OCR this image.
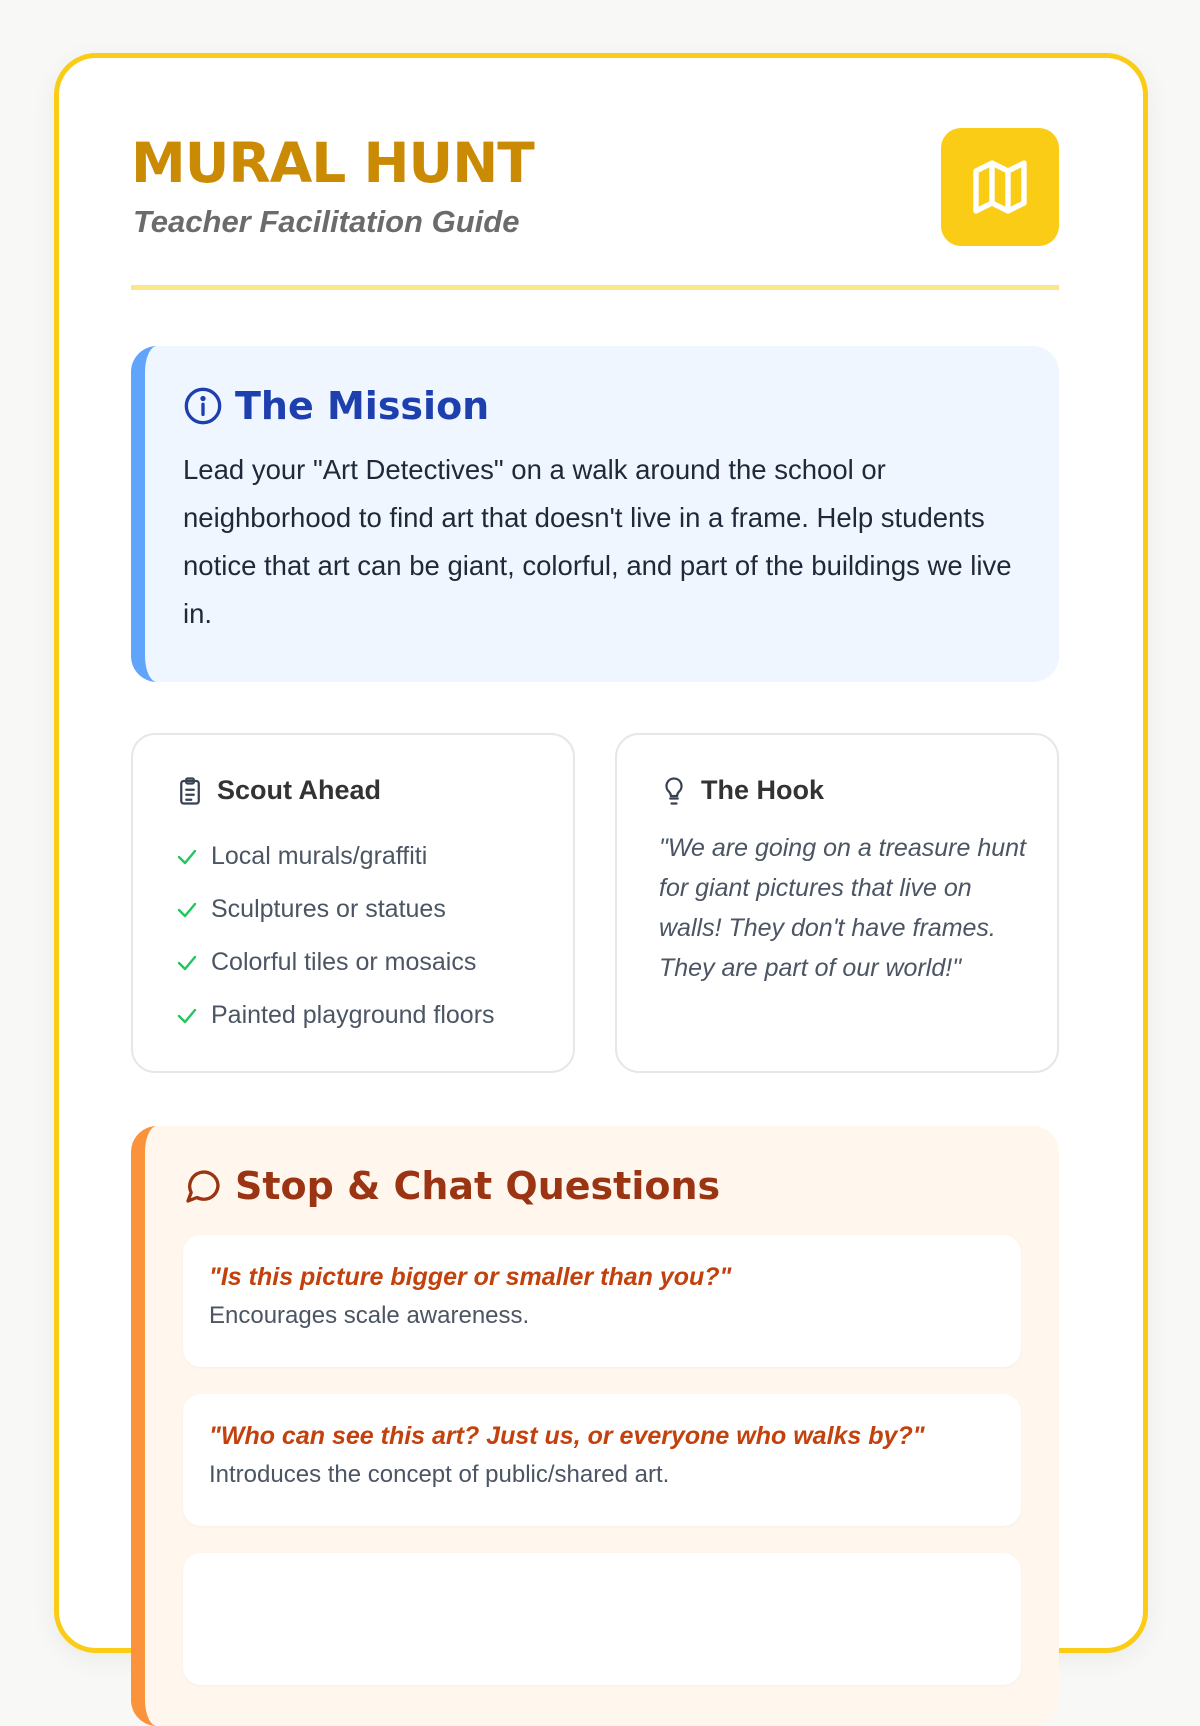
MURAL HUNT

Teacher Facilitation Guide

The Mission

Lead your "Art Detectives" on a walk around the school or neighborhood to find art that doesn't live in a frame. Help students notice that art can be giant, colorful, and part of the buildings we live in.

Scout Ahead
Local murals/graffiti
Sculptures or statues
Colorful tiles or mosaics
Painted playground floors
The Hook

"We are going on a treasure hunt for giant pictures that live on walls! They don't have frames. They are part of our world!"

Stop & Chat Questions

"Is this picture bigger or smaller than you?"

Encourages scale awareness.

"Who can see this art? Just us, or everyone who walks by?"

Introduces the concept of public/shared art.
